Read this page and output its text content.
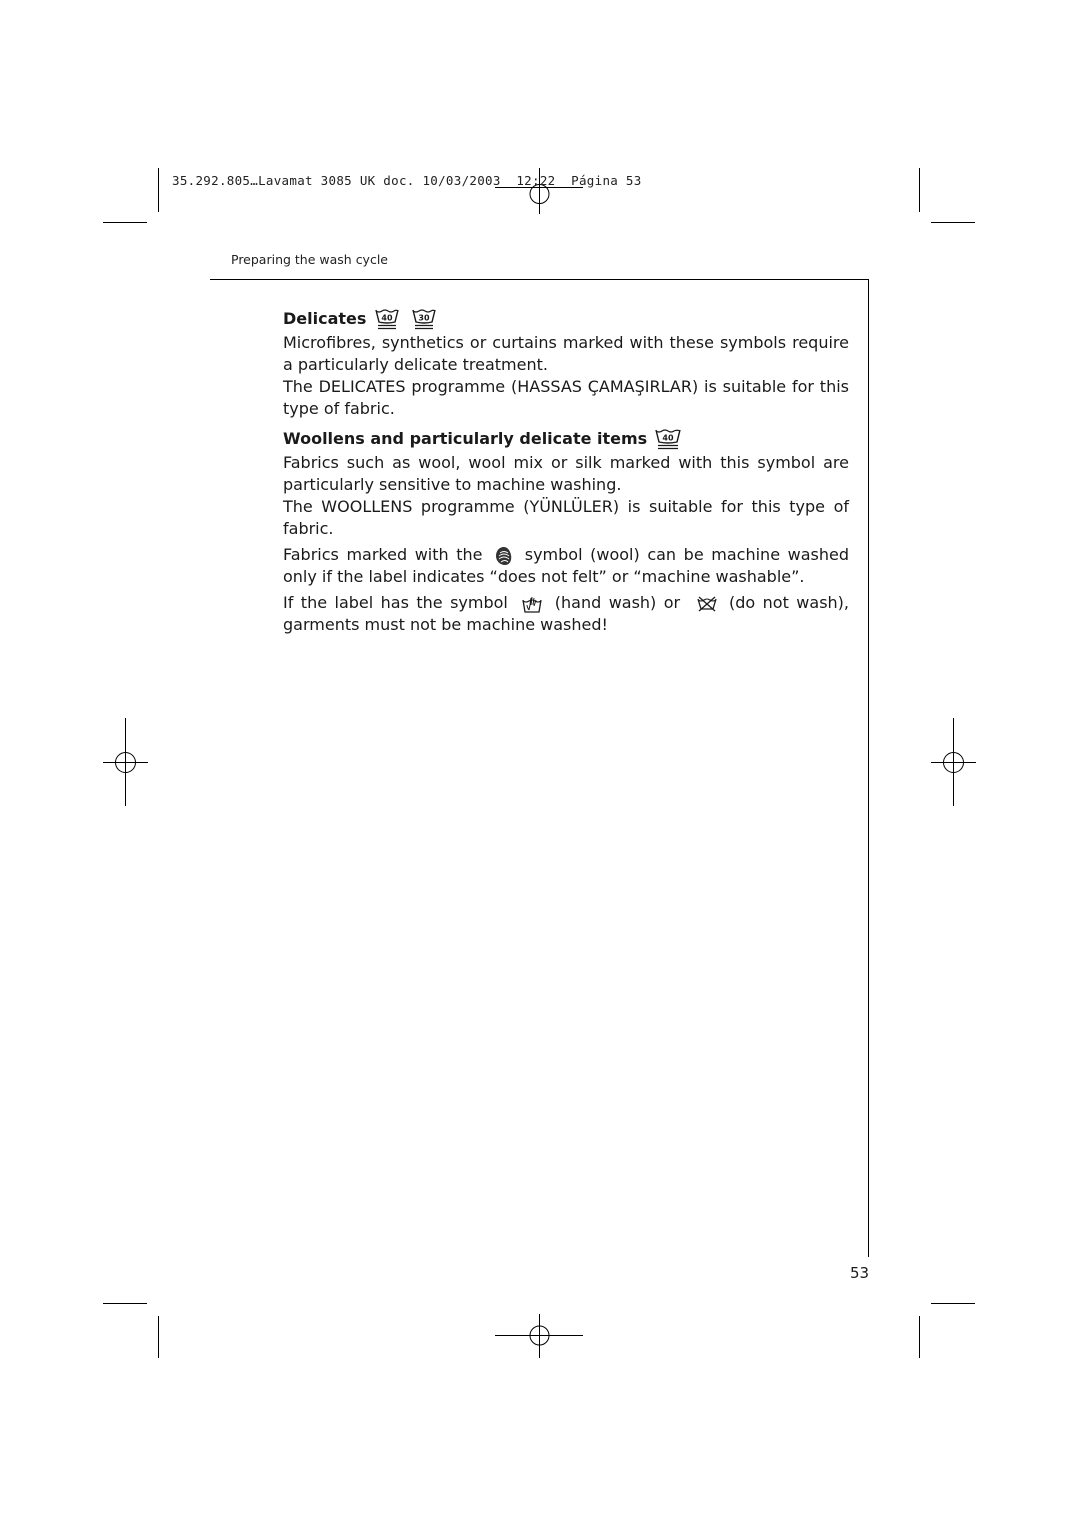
35.292.805…Lavamat 3085 UK doc. 10/03/2003 12:22 Página 53
Preparing the wash cycle
Delicates 40	30

Microfibres, synthetics or curtains marked with these symbols require a particularly delicate treatment.

The DELICATES programme (HASSAS ÇAMAŞIRLAR) is suitable for this type of fabric.

Woollens and particularly delicate items 40

Fabrics such as wool, wool mix or silk marked with this symbol are particularly sensitive to machine washing.

The WOOLLENS programme (YÜNLÜLER) is suitable for this type of fabric.

Fabrics marked with the	symbol (wool) can be machine washed only if the label indicates “does not felt” or “machine washable”.

If the label has the symbol	(hand wash) or	(do not wash), garments must not be machine washed!

53
